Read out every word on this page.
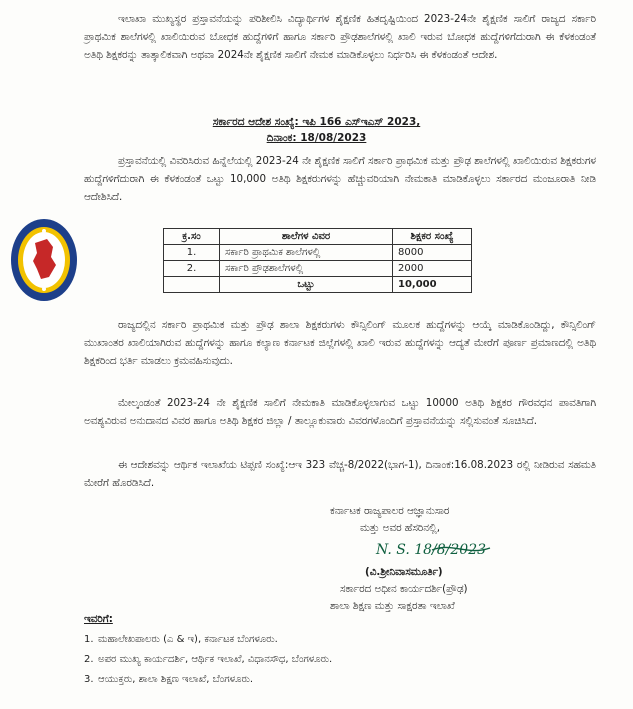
ಇಲಾಖಾ ಮುಖ್ಯಸ್ಥರ ಪ್ರಸ್ತಾವನೆಯನ್ನು ಪರಿಶೀಲಿಸಿ ವಿದ್ಯಾರ್ಥಿಗಳ ಶೈಕ್ಷಣಿಕ ಹಿತದೃಷ್ಟಿಯಿಂದ 2023-24ನೇ ಶೈಕ್ಷಣಿಕ ಸಾಲಿಗೆ ರಾಜ್ಯದ ಸರ್ಕಾರಿ ಪ್ರಾಥಮಿಕ ಶಾಲೆಗಳಲ್ಲಿ ಖಾಲಿಯಿರುವ ಬೋಧಕ ಹುದ್ದೆಗಳಿಗೆ ಹಾಗೂ ಸರ್ಕಾರಿ ಪ್ರೌಢಶಾಲೆಗಳಲ್ಲಿ ಖಾಲಿ ಇರುವ ಬೋಧಕ ಹುದ್ದೆಗಳಿಗೆದುರಾಗಿ ಈ ಕೆಳಕಂಡಂತೆ ಅತಿಥಿ ಶಿಕ್ಷಕರನ್ನು ತಾತ್ಕಾಲಿಕವಾಗಿ ಅಥವಾ 2024ನೇ ಶೈಕ್ಷಣಿಕ ಸಾಲಿಗೆ ನೇಮಕ ಮಾಡಿಕೊಳ್ಳಲು ನಿರ್ಧರಿಸಿ ಈ ಕೆಳಕಂಡಂತೆ ಆದೇಶ.

ಸರ್ಕಾರದ ಆದೇಶ ಸಂಖ್ಯೆ: ಇಪಿ 166 ಎಸ್‌ಇಎಸ್ 2023,

ದಿನಾಂಕ: 18/08/2023

ಪ್ರಸ್ತಾವನೆಯಲ್ಲಿ ವಿವರಿಸಿರುವ ಹಿನ್ನೆಲೆಯಲ್ಲಿ 2023-24 ನೇ ಶೈಕ್ಷಣಿಕ ಸಾಲಿಗೆ ಸರ್ಕಾರಿ ಪ್ರಾಥಮಿಕ ಮತ್ತು ಪ್ರೌಢ ಶಾಲೆಗಳಲ್ಲಿ ಖಾಲಿಯಿರುವ ಶಿಕ್ಷಕರುಗಳ ಹುದ್ದೆಗಳಿಗೆದುರಾಗಿ ಈ ಕೆಳಕಂಡಂತೆ ಒಟ್ಟು 10,000 ಅತಿಥಿ ಶಿಕ್ಷಕರುಗಳನ್ನು ಹೆಚ್ಚುವರಿಯಾಗಿ ನೇಮಕಾತಿ ಮಾಡಿಕೊಳ್ಳಲು ಸರ್ಕಾರದ ಮಂಜೂರಾತಿ ನೀಡಿ ಆದೇಶಿಸಿದೆ.

ಕ್ರ.ಸಂ	ಶಾಲೆಗಳ ವಿವರ	ಶಿಕ್ಷಕರ ಸಂಖ್ಯೆ
1.	ಸರ್ಕಾರಿ ಪ್ರಾಥಮಿಕ ಶಾಲೆಗಳಲ್ಲಿ	8000
2.	ಸರ್ಕಾರಿ ಪ್ರೌಢಶಾಲೆಗಳಲ್ಲಿ	2000
	ಒಟ್ಟು	10,000

ರಾಜ್ಯದಲ್ಲಿನ ಸರ್ಕಾರಿ ಪ್ರಾಥಮಿಕ ಮತ್ತು ಪ್ರೌಢ ಶಾಲಾ ಶಿಕ್ಷಕರುಗಳು ಕೌನ್ಸಿಲಿಂಗ್ ಮೂಲಕ ಹುದ್ದೆಗಳನ್ನು ಆಯ್ಕೆ ಮಾಡಿಕೊಂಡಿದ್ದು, ಕೌನ್ಸಿಲಿಂಗ್ ಮುಖಾಂತರ ಖಾಲಿಯಾಗಿರುವ ಹುದ್ದೆಗಳನ್ನು ಹಾಗೂ ಕಲ್ಯಾಣ ಕರ್ನಾಟಕ ಜಿಲ್ಲೆಗಳಲ್ಲಿ ಖಾಲಿ ಇರುವ ಹುದ್ದೆಗಳನ್ನು ಆದ್ಯತೆ ಮೇರೆಗೆ ಪೂರ್ಣ ಪ್ರಮಾಣದಲ್ಲಿ ಅತಿಥಿ ಶಿಕ್ಷಕರಿಂದ ಭರ್ತಿ ಮಾಡಲು ಕ್ರಮವಹಿಸುವುದು.

ಮೇಲ್ಕಂಡಂತೆ 2023-24 ನೇ ಶೈಕ್ಷಣಿಕ ಸಾಲಿಗೆ ನೇಮಕಾತಿ ಮಾಡಿಕೊಳ್ಳಲಾಗುವ ಒಟ್ಟು 10000 ಅತಿಥಿ ಶಿಕ್ಷಕರ ಗೌರವಧನ ಪಾವತಿಗಾಗಿ ಅವಶ್ಯವಿರುವ ಅನುದಾನದ ವಿವರ ಹಾಗೂ ಅತಿಥಿ ಶಿಕ್ಷಕರ ಜಿಲ್ಲಾ / ತಾಲ್ಲೂಕುವಾರು ವಿವರಗಳೊಂದಿಗೆ ಪ್ರಸ್ತಾವನೆಯನ್ನು ಸಲ್ಲಿಸುವಂತೆ ಸೂಚಿಸಿದೆ.

ಈ ಆದೇಶವನ್ನು ಆರ್ಥಿಕ ಇಲಾಖೆಯ ಟಿಪ್ಪಣಿ ಸಂಖ್ಯೆ:ಆಇ 323 ವೆಚ್ಚ-8/2022(ಭಾಗ-1), ದಿನಾಂಕ:16.08.2023 ರಲ್ಲಿ ನೀಡಿರುವ ಸಹಮತಿ ಮೇರೆಗೆ ಹೊರಡಿಸಿದೆ.

ಕರ್ನಾಟಕ ರಾಜ್ಯಪಾಲರ ಆಜ್ಞಾನುಸಾರ
ಮತ್ತು ಅವರ ಹೆಸರಿನಲ್ಲಿ,
N. S. 18/8/2023
(ವಿ.ಶ್ರೀನಿವಾಸಮೂರ್ತಿ)
ಸರ್ಕಾರದ ಅಧೀನ ಕಾರ್ಯದರ್ಶಿ(ಪ್ರೌಢ)
ಶಾಲಾ ಶಿಕ್ಷಣ ಮತ್ತು ಸಾಕ್ಷರತಾ ಇಲಾಖೆ
ಇವರಿಗೆ:
1. ಮಹಾಲೇಖಪಾಲರು (ಎ & ಇ), ಕರ್ನಾಟಕ ಬೆಂಗಳೂರು.
2. ಅಪರ ಮುಖ್ಯ ಕಾರ್ಯದರ್ಶಿ, ಆರ್ಥಿಕ ಇಲಾಖೆ, ವಿಧಾನಸೌಧ, ಬೆಂಗಳೂರು.
3. ಆಯುಕ್ತರು, ಶಾಲಾ ಶಿಕ್ಷಣ ಇಲಾಖೆ, ಬೆಂಗಳೂರು.
